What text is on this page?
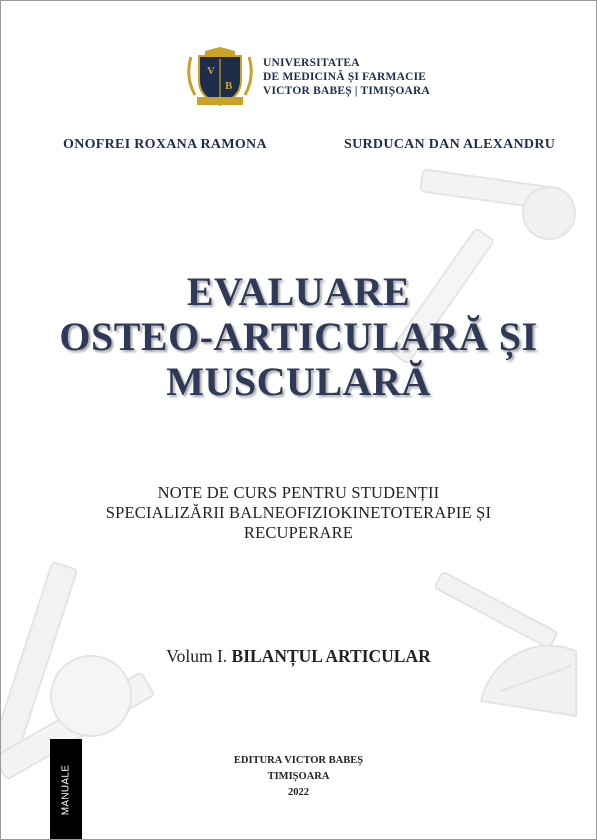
V
B
UNIVERSITATEA
DE MEDICINĂ ȘI FARMACIE
VICTOR BABEȘ | TIMIȘOARA
ONOFREI ROXANA RAMONA	SURDUCAN DAN ALEXANDRU
EVALUARE
OSTEO-ARTICULARĂ ȘI
MUSCULARĂ
NOTE DE CURS PENTRU STUDENȚII
SPECIALIZĂRII BALNEOFIZIOKINETOTERAPIE ȘI
RECUPERARE
Volum I. BILANȚUL ARTICULAR
EDITURA VICTOR BABEȘ
TIMIȘOARA
2022
MANUALE
